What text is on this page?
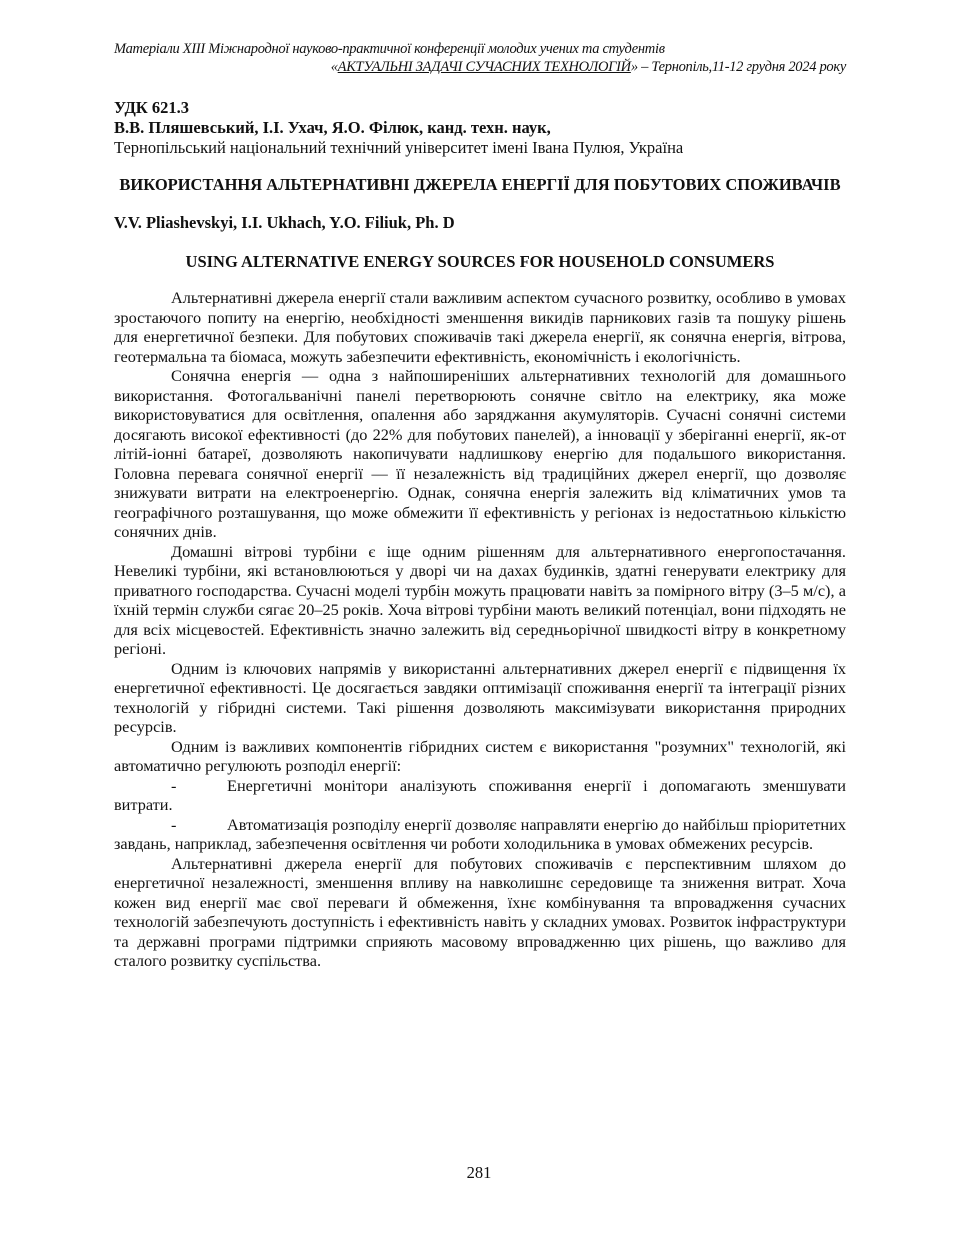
Матеріали XIII Міжнародної науково-практичної конференції молодих учених та студентів
«АКТУАЛЬНІ ЗАДАЧІ СУЧАСНИХ ТЕХНОЛОГІЙ» – Тернопіль,11-12 грудня 2024 року
УДК 621.3
В.В. Пляшевський, І.І. Ухач, Я.О. Філюк, канд. техн. наук,
Тернопільський національний технічний університет імені Івана Пулюя, Україна
ВИКОРИСТАННЯ АЛЬТЕРНАТИВНІ ДЖЕРЕЛА ЕНЕРГІЇ ДЛЯ ПОБУТОВИХ СПОЖИВАЧІВ
V.V. Pliashevskyi, I.I. Ukhach, Y.O. Filiuk, Ph. D
USING ALTERNATIVE ENERGY SOURCES FOR HOUSEHOLD CONSUMERS

Альтернативні джерела енергії стали важливим аспектом сучасного розвитку, особливо в умовах зростаючого попиту на енергію, необхідності зменшення викидів парникових газів та пошуку рішень для енергетичної безпеки. Для побутових споживачів такі джерела енергії, як сонячна енергія, вітрова, геотермальна та біомаса, можуть забезпечити ефективність, економічність і екологічність.

Сонячна енергія — одна з найпоширеніших альтернативних технологій для домашнього використання. Фотогальванічні панелі перетворюють сонячне світло на електрику, яка може використовуватися для освітлення, опалення або заряджання акумуляторів. Сучасні сонячні системи досягають високої ефективності (до 22% для побутових панелей), а інновації у зберіганні енергії, як-от літій-іонні батареї, дозволяють накопичувати надлишкову енергію для подальшого використання. Головна перевага сонячної енергії — її незалежність від традиційних джерел енергії, що дозволяє знижувати витрати на електроенергію. Однак, сонячна енергія залежить від кліматичних умов та географічного розташування, що може обмежити її ефективність у регіонах із недостатньою кількістю сонячних днів.

Домашні вітрові турбіни є іще одним рішенням для альтернативного енергопостачання. Невеликі турбіни, які встановлюються у дворі чи на дахах будинків, здатні генерувати електрику для приватного господарства. Сучасні моделі турбін можуть працювати навіть за помірного вітру (3–5 м/с), а їхній термін служби сягає 20–25 років. Хоча вітрові турбіни мають великий потенціал, вони підходять не для всіх місцевостей. Ефективність значно залежить від середньорічної швидкості вітру в конкретному регіоні.

Одним із ключових напрямів у використанні альтернативних джерел енергії є підвищення їх енергетичної ефективності. Це досягається завдяки оптимізації споживання енергії та інтеграції різних технологій у гібридні системи. Такі рішення дозволяють максимізувати використання природних ресурсів.

Одним із важливих компонентів гібридних систем є використання "розумних" технологій, які автоматично регулюють розподіл енергії:

-	Енергетичні монітори аналізують споживання енергії і допомагають зменшувати витрати.

-	Автоматизація розподілу енергії дозволяє направляти енергію до найбільш пріоритетних завдань, наприклад, забезпечення освітлення чи роботи холодильника в умовах обмежених ресурсів.

Альтернативні джерела енергії для побутових споживачів є перспективним шляхом до енергетичної незалежності, зменшення впливу на навколишнє середовище та зниження витрат. Хоча кожен вид енергії має свої переваги й обмеження, їхнє комбінування та впровадження сучасних технологій забезпечують доступність і ефективність навіть у складних умовах. Розвиток інфраструктури та державні програми підтримки сприяють масовому впровадженню цих рішень, що важливо для сталого розвитку суспільства.

281
